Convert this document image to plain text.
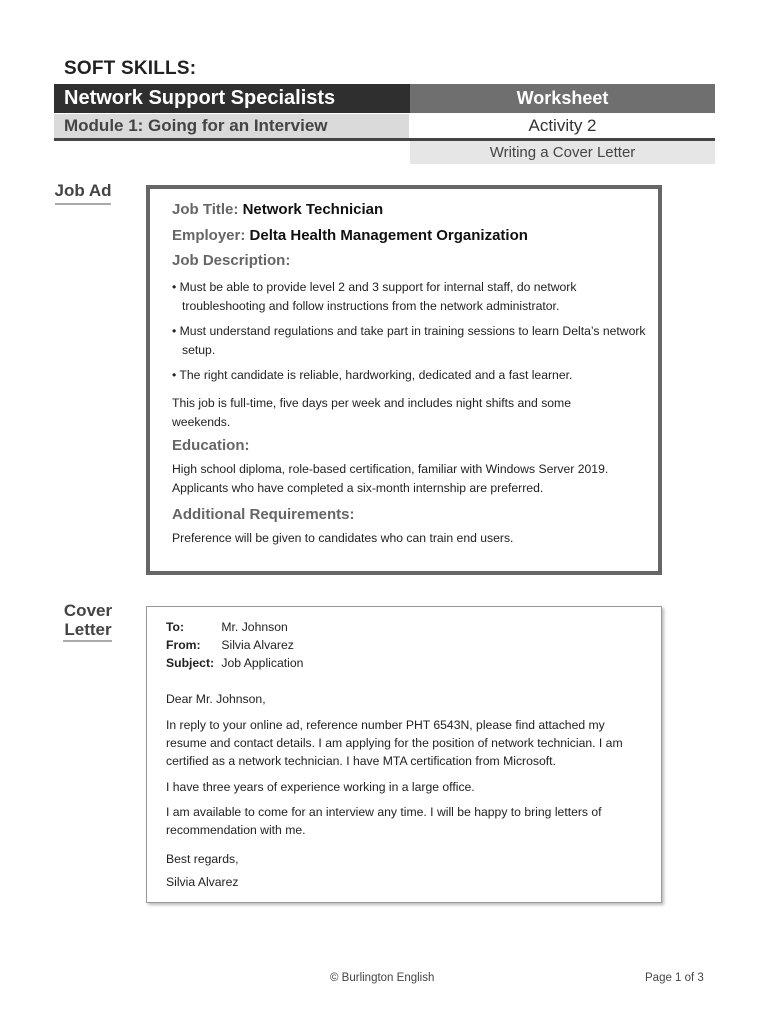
SOFT SKILLS:
Network Support Specialists	Worksheet
Module 1: Going for an Interview	Activity 2
Writing a Cover Letter
Job Ad
Job Title: Network Technician
Employer: Delta Health Management Organization
Job Description:
• Must be able to provide level 2 and 3 support for internal staff, do network troubleshooting and follow instructions from the network administrator.
• Must understand regulations and take part in training sessions to learn Delta’s network setup.
• The right candidate is reliable, hardworking, dedicated and a fast learner.
This job is full-time, five days per week and includes night shifts and some weekends.
Education:
High school diploma, role-based certification, familiar with Windows Server 2019. Applicants who have completed a six-month internship are preferred.
Additional Requirements:
Preference will be given to candidates who can train end users.
Cover
Letter	To:	Mr. Johnson
From: Silvia Alvarez
Subject: Job Application
Dear Mr. Johnson,
In reply to your online ad, reference number PHT 6543N, please find attached my resume and contact details. I am applying for the position of network technician. I am certified as a network technician. I have MTA certification from Microsoft.
I have three years of experience working in a large office.
I am available to come for an interview any time. I will be happy to bring letters of recommendation with me.
Best regards,
Silvia Alvarez
© Burlington English	Page 1 of 3
